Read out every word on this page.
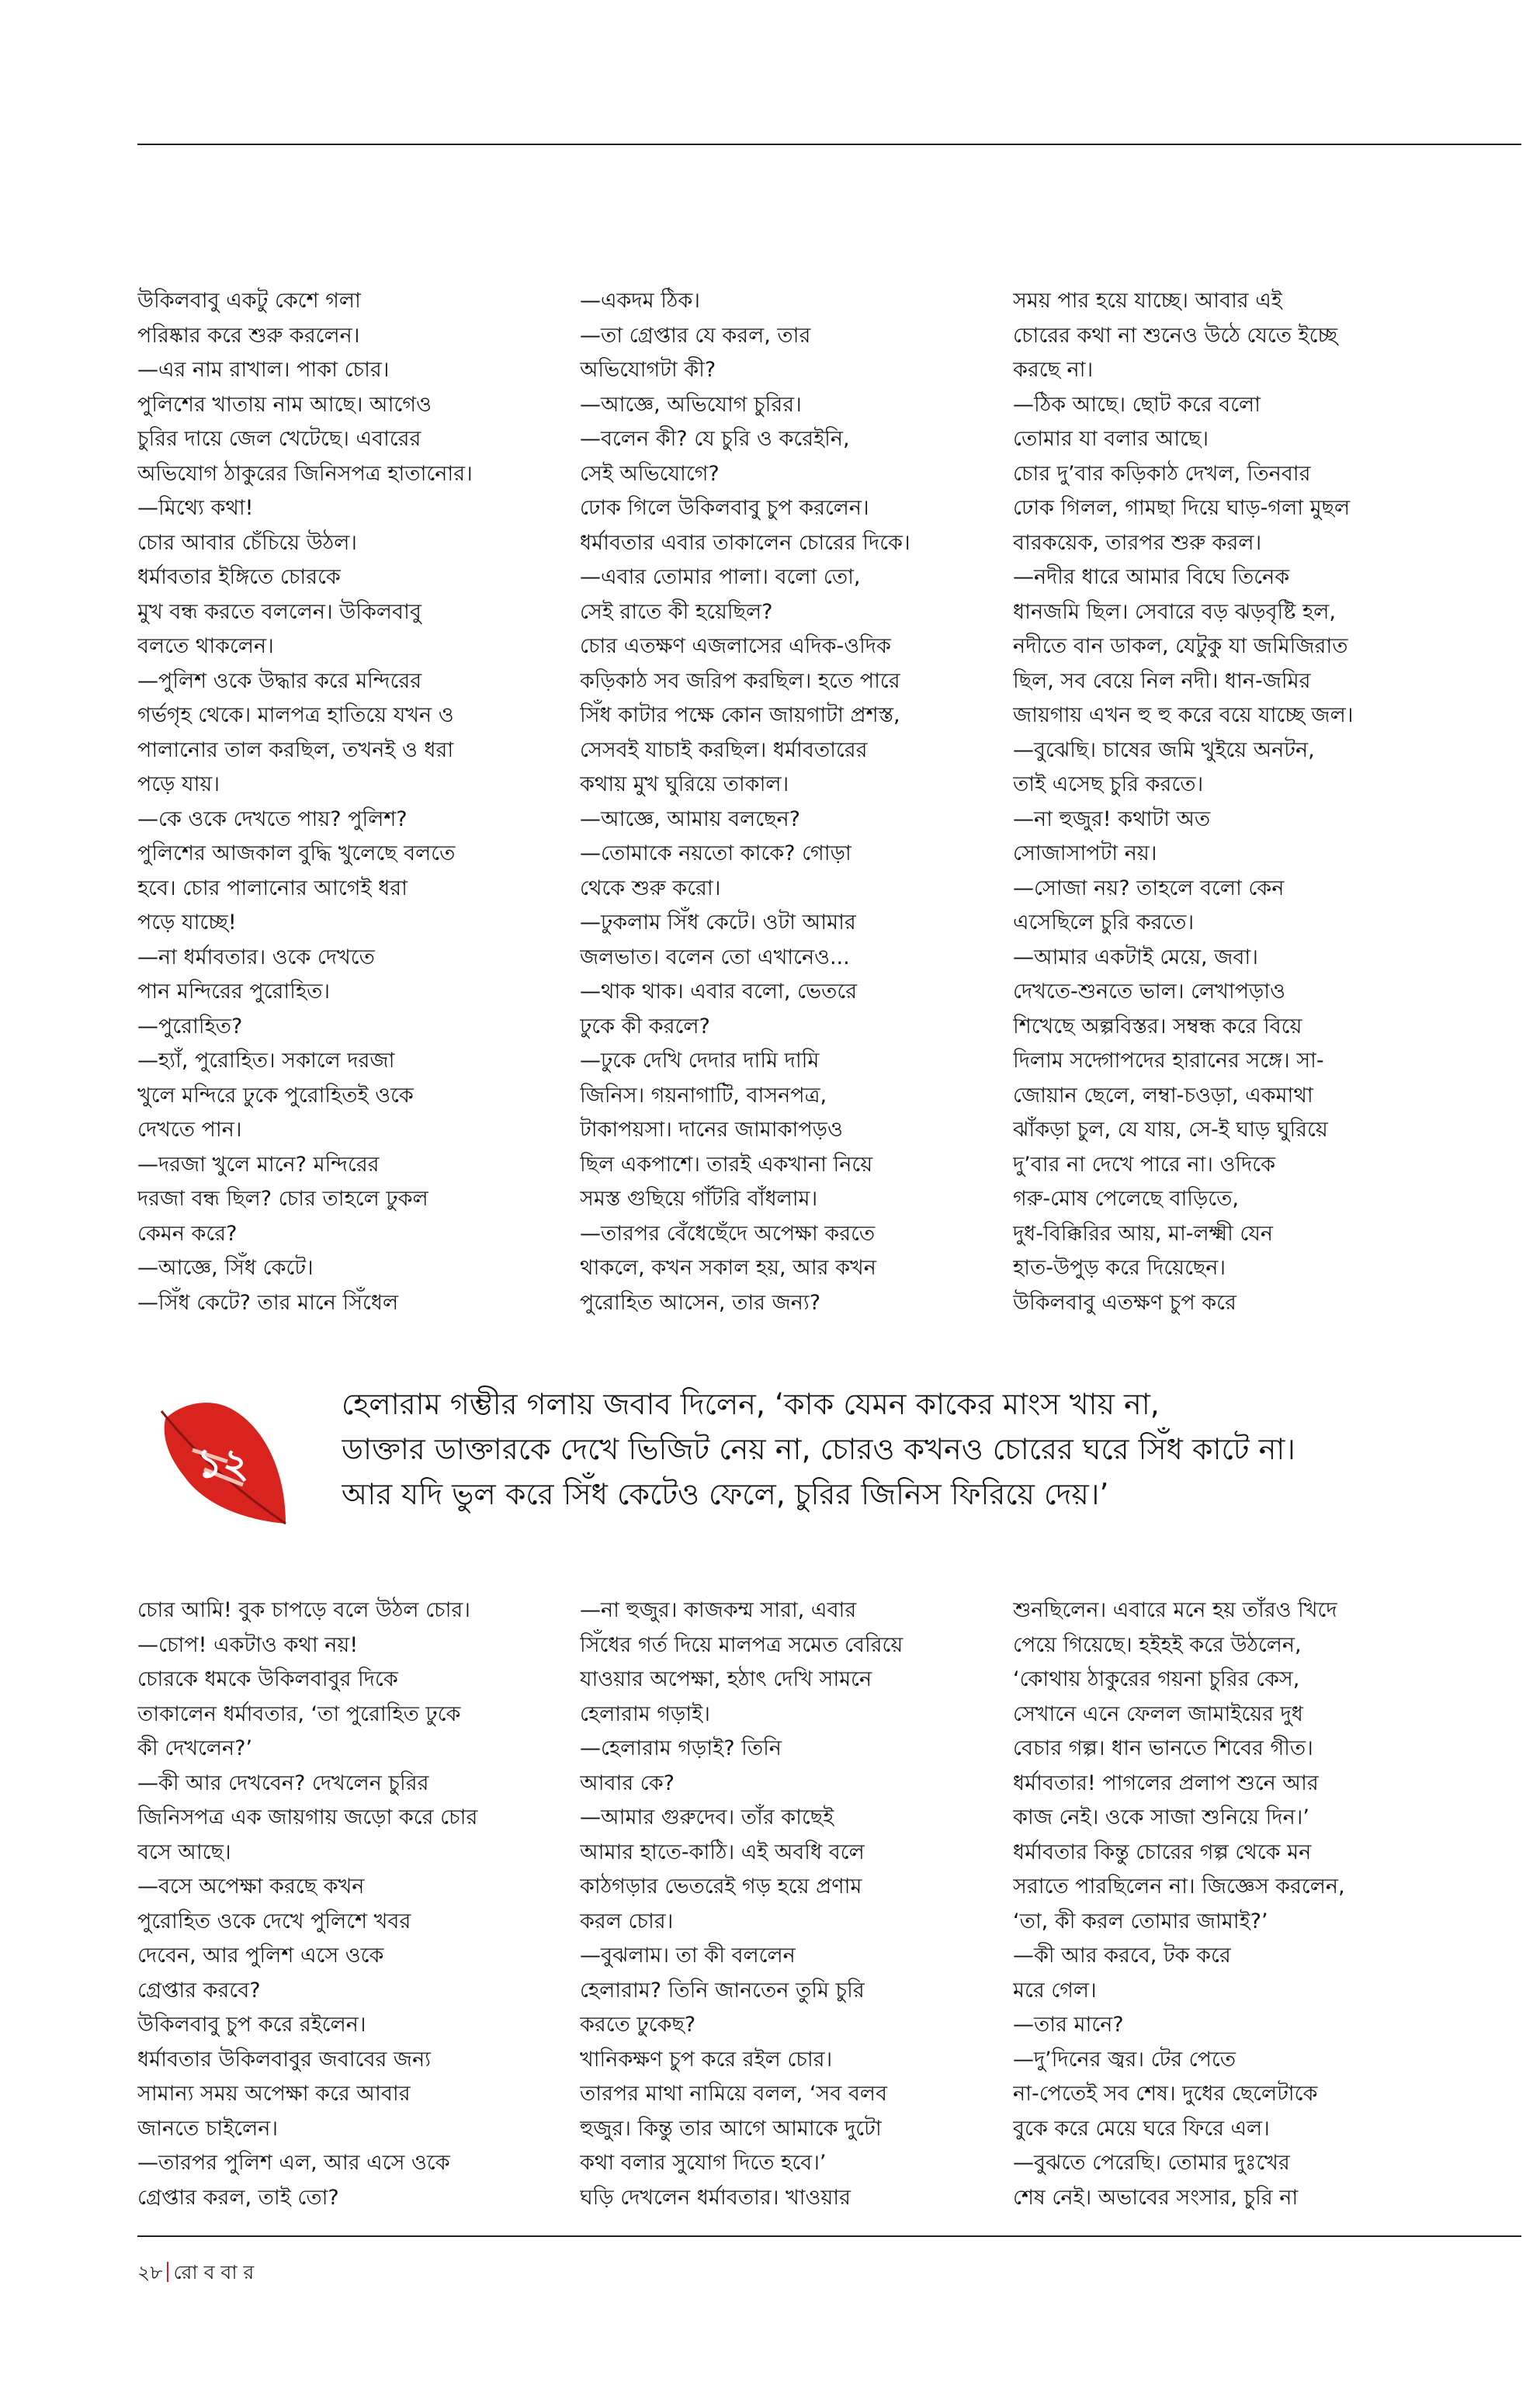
উকিলবাবু একটু কেশে গলা
পরিষ্কার করে শুরু করলেন।
—এর নাম রাখাল। পাকা চোর।
পুলিশের খাতায় নাম আছে। আগেও
চুরির দায়ে জেল খেটেছে। এবারের
অভিযোগ ঠাকুরের জিনিসপত্র হাতানোর।
—মিথ্যে কথা!
চোর আবার চেঁচিয়ে উঠল।
ধর্মাবতার ইঙ্গিতে চোরকে
মুখ বন্ধ করতে বললেন। উকিলবাবু
বলতে থাকলেন।
—পুলিশ ওকে উদ্ধার করে মন্দিরের
গর্ভগৃহ থেকে। মালপত্র হাতিয়ে যখন ও
পালানোর তাল করছিল, তখনই ও ধরা
পড়ে যায়।
—কে ওকে দেখতে পায়? পুলিশ?
পুলিশের আজকাল বুদ্ধি খুলেছে বলতে
হবে। চোর পালানোর আগেই ধরা
পড়ে যাচ্ছে!
—না ধর্মাবতার। ওকে দেখতে
পান মন্দিরের পুরোহিত।
—পুরোহিত?
—হ্যাঁ, পুরোহিত। সকালে দরজা
খুলে মন্দিরে ঢুকে পুরোহিতই ওকে
দেখতে পান।
—দরজা খুলে মানে? মন্দিরের
দরজা বন্ধ ছিল? চোর তাহলে ঢুকল
কেমন করে?
—আজ্ঞে, সিঁধ কেটে।
—সিঁধ কেটে? তার মানে সিঁধেল
—একদম ঠিক।
—তা গ্রেপ্তার যে করল, তার
অভিযোগটা কী?
—আজ্ঞে, অভিযোগ চুরির।
—বলেন কী? যে চুরি ও করেইনি,
সেই অভিযোগে?
ঢোক গিলে উকিলবাবু চুপ করলেন।
ধর্মাবতার এবার তাকালেন চোরের দিকে।
—এবার তোমার পালা। বলো তো,
সেই রাতে কী হয়েছিল?
চোর এতক্ষণ এজলাসের এদিক-ওদিক
কড়িকাঠ সব জরিপ করছিল। হতে পারে
সিঁধ কাটার পক্ষে কোন জায়গাটা প্রশস্ত,
সেসবই যাচাই করছিল। ধর্মাবতারের
কথায় মুখ ঘুরিয়ে তাকাল।
—আজ্ঞে, আমায় বলছেন?
—তোমাকে নয়তো কাকে? গোড়া
থেকে শুরু করো।
—ঢুকলাম সিঁধ কেটে। ওটা আমার
জলভাত। বলেন তো এখানেও...
—থাক থাক। এবার বলো, ভেতরে
ঢুকে কী করলে?
—ঢুকে দেখি দেদার দামি দামি
জিনিস। গয়নাগাটি, বাসনপত্র,
টাকাপয়সা। দানের জামাকাপড়ও
ছিল একপাশে। তারই একখানা নিয়ে
সমস্ত গুছিয়ে গাঁটরি বাঁধলাম।
—তারপর বেঁধেছেঁদে অপেক্ষা করতে
থাকলে, কখন সকাল হয়, আর কখন
পুরোহিত আসেন, তার জন্য?
সময় পার হয়ে যাচ্ছে। আবার এই
চোরের কথা না শুনেও উঠে যেতে ইচ্ছে
করছে না।
—ঠিক আছে। ছোট করে বলো
তোমার যা বলার আছে।
চোর দু’বার কড়িকাঠ দেখল, তিনবার
ঢোক গিলল, গামছা দিয়ে ঘাড়-গলা মুছল
বারকয়েক, তারপর শুরু করল।
—নদীর ধারে আমার বিঘে তিনেক
ধানজমি ছিল। সেবারে বড় ঝড়বৃষ্টি হল,
নদীতে বান ডাকল, যেটুকু যা জমিজিরাত
ছিল, সব বেয়ে নিল নদী। ধান-জমির
জায়গায় এখন হু হু করে বয়ে যাচ্ছে জল।
—বুঝেছি। চাষের জমি খুইয়ে অনটন,
তাই এসেছ চুরি করতে।
—না হুজুর! কথাটা অত
সোজাসাপটা নয়।
—সোজা নয়? তাহলে বলো কেন
এসেছিলে চুরি করতে।
—আমার একটাই মেয়ে, জবা।
দেখতে-শুনতে ভাল। লেখাপড়াও
শিখেছে অল্পবিস্তর। সম্বন্ধ করে বিয়ে
দিলাম সদ্গোপদের হারানের সঙ্গে। সা-
জোয়ান ছেলে, লম্বা-চওড়া, একমাথা
ঝাঁকড়া চুল, যে যায়, সে-ই ঘাড় ঘুরিয়ে
দু’বার না দেখে পারে না। ওদিকে
গরু-মোষ পেলেছে বাড়িতে,
দুধ-বিক্কিরির আয়, মা-লক্ষ্মী যেন
হাত-উপুড় করে দিয়েছেন।
উকিলবাবু এতক্ষণ চুপ করে
১২
হেলারাম গম্ভীর গলায় জবাব দিলেন, ‘কাক যেমন কাকের মাংস খায় না,
ডাক্তার ডাক্তারকে দেখে ভিজিট নেয় না, চোরও কখনও চোরের ঘরে সিঁধ কাটে না।
আর যদি ভুল করে সিঁধ কেটেও ফেলে, চুরির জিনিস ফিরিয়ে দেয়।’
চোর আমি! বুক চাপড়ে বলে উঠল চোর।
—চোপ! একটাও কথা নয়!
চোরকে ধমকে উকিলবাবুর দিকে
তাকালেন ধর্মাবতার, ‘তা পুরোহিত ঢুকে
কী দেখলেন?’
—কী আর দেখবেন? দেখলেন চুরির
জিনিসপত্র এক জায়গায় জড়ো করে চোর
বসে আছে।
—বসে অপেক্ষা করছে কখন
পুরোহিত ওকে দেখে পুলিশে খবর
দেবেন, আর পুলিশ এসে ওকে
গ্রেপ্তার করবে?
উকিলবাবু চুপ করে রইলেন।
ধর্মাবতার উকিলবাবুর জবাবের জন্য
সামান্য সময় অপেক্ষা করে আবার
জানতে চাইলেন।
—তারপর পুলিশ এল, আর এসে ওকে
গ্রেপ্তার করল, তাই তো?
—না হুজুর। কাজকম্ম সারা, এবার
সিঁধের গর্ত দিয়ে মালপত্র সমেত বেরিয়ে
যাওয়ার অপেক্ষা, হঠাৎ দেখি সামনে
হেলারাম গড়াই।
—হেলারাম গড়াই? তিনি
আবার কে?
—আমার গুরুদেব। তাঁর কাছেই
আমার হাতে-কাঠি। এই অবধি বলে
কাঠগড়ার ভেতরেই গড় হয়ে প্রণাম
করল চোর।
—বুঝলাম। তা কী বললেন
হেলারাম? তিনি জানতেন তুমি চুরি
করতে ঢুকেছ?
খানিকক্ষণ চুপ করে রইল চোর।
তারপর মাথা নামিয়ে বলল, ‘সব বলব
হুজুর। কিন্তু তার আগে আমাকে দুটো
কথা বলার সুযোগ দিতে হবে।’
ঘড়ি দেখলেন ধর্মাবতার। খাওয়ার
শুনছিলেন। এবারে মনে হয় তাঁরও খিদে
পেয়ে গিয়েছে। হইহই করে উঠলেন,
‘কোথায় ঠাকুরের গয়না চুরির কেস,
সেখানে এনে ফেলল জামাইয়ের দুধ
বেচার গল্প। ধান ভানতে শিবের গীত।
ধর্মাবতার! পাগলের প্রলাপ শুনে আর
কাজ নেই। ওকে সাজা শুনিয়ে দিন।’
ধর্মাবতার কিন্তু চোরের গল্প থেকে মন
সরাতে পারছিলেন না। জিজ্ঞেস করলেন,
‘তা, কী করল তোমার জামাই?’
—কী আর করবে, টক করে
মরে গেল।
—তার মানে?
—দু’দিনের জ্বর। টের পেতে
না-পেতেই সব শেষ। দুধের ছেলেটাকে
বুকে করে মেয়ে ঘরে ফিরে এল।
—বুঝতে পেরেছি। তোমার দুঃখের
শেষ নেই। অভাবের সংসার, চুরি না
২৮ রো ব বা র
